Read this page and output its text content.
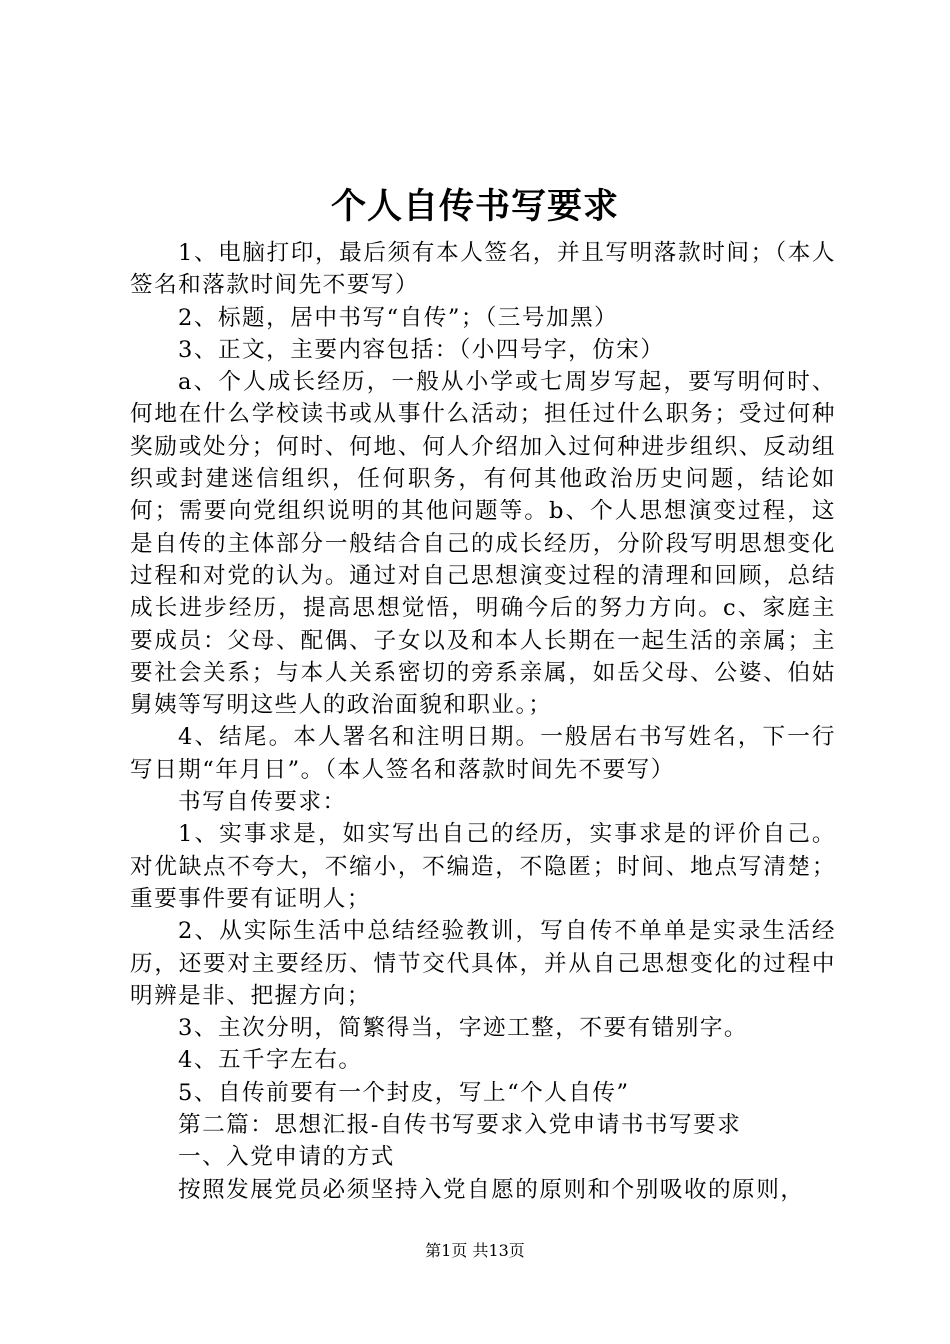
个人自传书写要求

1、电脑打印，最后须有本人签名，并且写明落款时间；（本人签名和落款时间先不要写）

2、标题，居中书写“自传”；（三号加黑）

3、正文，主要内容包括：（小四号字，仿宋）

a、个人成长经历，一般从小学或七周岁写起，要写明何时、何地在什么学校读书或从事什么活动；担任过什么职务；受过何种奖励或处分；何时、何地、何人介绍加入过何种进步组织、反动组织或封建迷信组织，任何职务，有何其他政治历史问题，结论如何；需要向党组织说明的其他问题等。b、个人思想演变过程，这是自传的主体部分一般结合自己的成长经历，分阶段写明思想变化过程和对党的认为。通过对自己思想演变过程的清理和回顾，总结成长进步经历，提高思想觉悟，明确今后的努力方向。c、家庭主要成员：父母、配偶、子女以及和本人长期在一起生活的亲属；主要社会关系；与本人关系密切的旁系亲属，如岳父母、公婆、伯姑舅姨等写明这些人的政治面貌和职业。；

4、结尾。本人署名和注明日期。一般居右书写姓名，下一行写日期“年月日”。（本人签名和落款时间先不要写）

书写自传要求：

1、实事求是，如实写出自己的经历，实事求是的评价自己。对优缺点不夸大，不缩小，不编造，不隐匿；时间、地点写清楚；重要事件要有证明人；

2、从实际生活中总结经验教训，写自传不单单是实录生活经历，还要对主要经历、情节交代具体，并从自己思想变化的过程中明辨是非、把握方向；

3、主次分明，简繁得当，字迹工整，不要有错别字。

4、五千字左右。

5、自传前要有一个封皮，写上“个人自传”

第二篇：思想汇报-自传书写要求入党申请书书写要求

一、入党申请的方式

按照发展党员必须坚持入党自愿的原则和个别吸收的原则，

第1页 共13页
